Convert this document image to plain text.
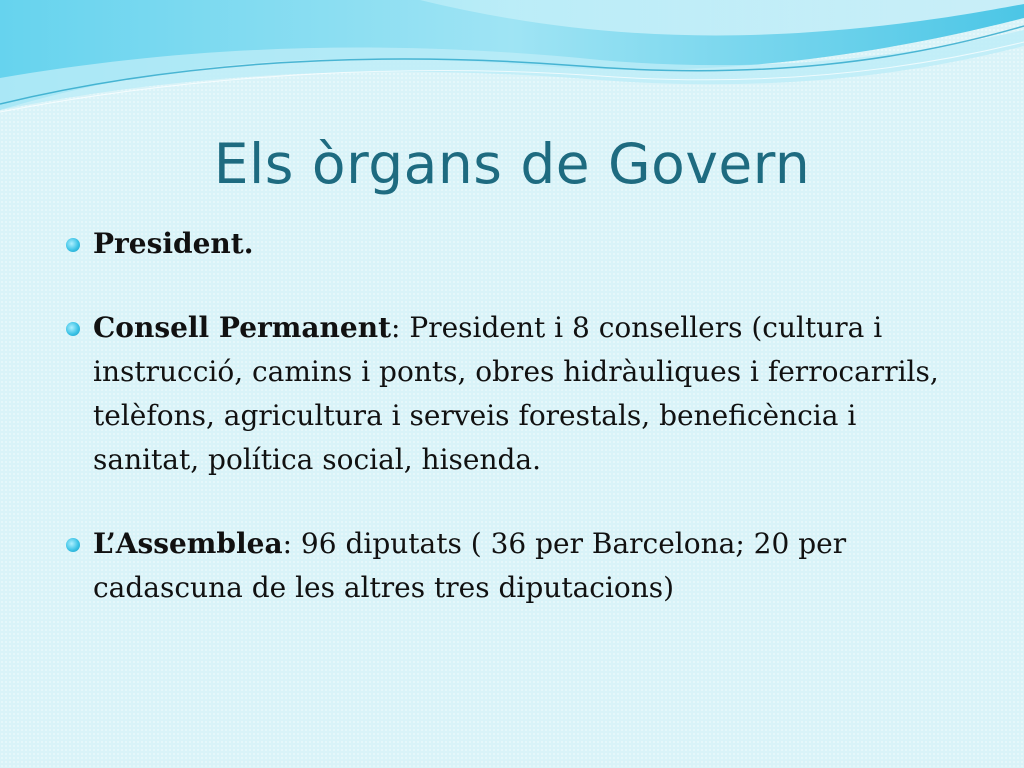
Els òrgans de Govern
President.
Consell Permanent: President i 8 consellers (cultura i instrucció, camins i ponts, obres hidràuliques i ferrocarrils, telèfons, agricultura i serveis forestals, beneficència i sanitat, política social, hisenda.
L’Assemblea: 96 diputats ( 36 per Barcelona; 20 per cadascuna de les altres tres diputacions)
